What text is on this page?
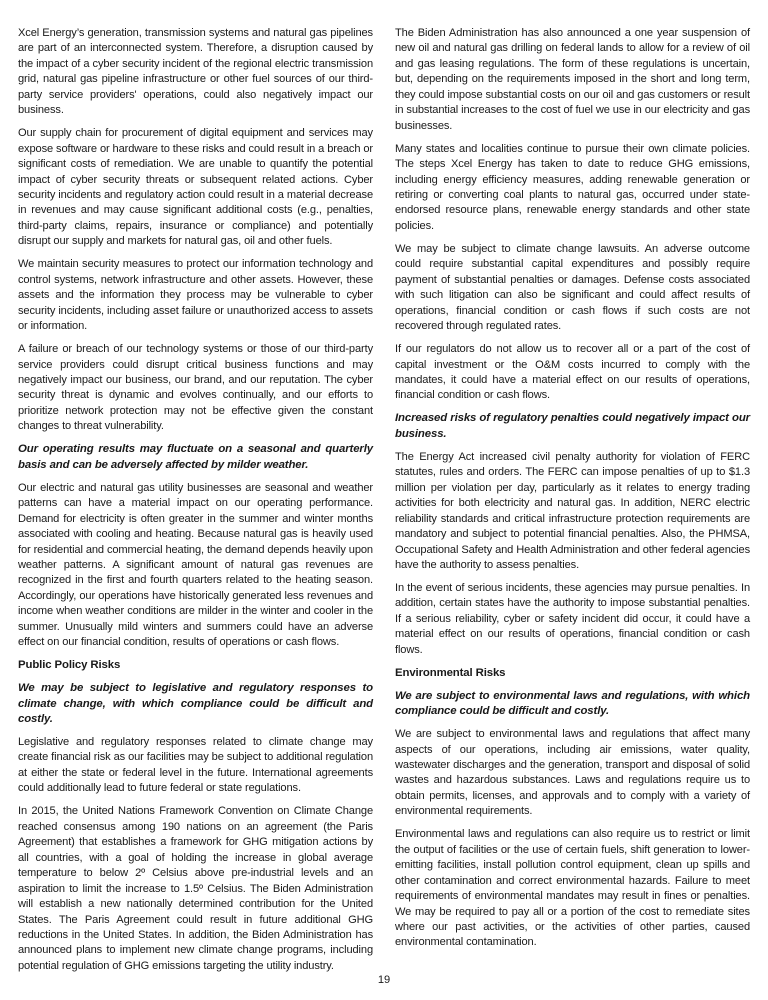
Xcel Energy’s generation, transmission systems and natural gas pipelines are part of an interconnected system. Therefore, a disruption caused by the impact of a cyber security incident of the regional electric transmission grid, natural gas pipeline infrastructure or other fuel sources of our third-party service providers' operations, could also negatively impact our business.

Our supply chain for procurement of digital equipment and services may expose software or hardware to these risks and could result in a breach or significant costs of remediation. We are unable to quantify the potential impact of cyber security threats or subsequent related actions. Cyber security incidents and regulatory action could result in a material decrease in revenues and may cause significant additional costs (e.g., penalties, third-party claims, repairs, insurance or compliance) and potentially disrupt our supply and markets for natural gas, oil and other fuels.

We maintain security measures to protect our information technology and control systems, network infrastructure and other assets. However, these assets and the information they process may be vulnerable to cyber security incidents, including asset failure or unauthorized access to assets or information.

A failure or breach of our technology systems or those of our third-party service providers could disrupt critical business functions and may negatively impact our business, our brand, and our reputation. The cyber security threat is dynamic and evolves continually, and our efforts to prioritize network protection may not be effective given the constant changes to threat vulnerability.

Our operating results may fluctuate on a seasonal and quarterly basis and can be adversely affected by milder weather.

Our electric and natural gas utility businesses are seasonal and weather patterns can have a material impact on our operating performance. Demand for electricity is often greater in the summer and winter months associated with cooling and heating. Because natural gas is heavily used for residential and commercial heating, the demand depends heavily upon weather patterns. A significant amount of natural gas revenues are recognized in the first and fourth quarters related to the heating season. Accordingly, our operations have historically generated less revenues and income when weather conditions are milder in the winter and cooler in the summer. Unusually mild winters and summers could have an adverse effect on our financial condition, results of operations or cash flows.

Public Policy Risks

We may be subject to legislative and regulatory responses to climate change, with which compliance could be difficult and costly.

Legislative and regulatory responses related to climate change may create financial risk as our facilities may be subject to additional regulation at either the state or federal level in the future. International agreements could additionally lead to future federal or state regulations.

In 2015, the United Nations Framework Convention on Climate Change reached consensus among 190 nations on an agreement (the Paris Agreement) that establishes a framework for GHG mitigation actions by all countries, with a goal of holding the increase in global average temperature to below 2º Celsius above pre-industrial levels and an aspiration to limit the increase to 1.5º Celsius. The Biden Administration will establish a new nationally determined contribution for the United States. The Paris Agreement could result in future additional GHG reductions in the United States. In addition, the Biden Administration has announced plans to implement new climate change programs, including potential regulation of GHG emissions targeting the utility industry.

The Biden Administration has also announced a one year suspension of new oil and natural gas drilling on federal lands to allow for a review of oil and gas leasing regulations. The form of these regulations is uncertain, but, depending on the requirements imposed in the short and long term, they could impose substantial costs on our oil and gas customers or result in substantial increases to the cost of fuel we use in our electricity and gas businesses.

Many states and localities continue to pursue their own climate policies. The steps Xcel Energy has taken to date to reduce GHG emissions, including energy efficiency measures, adding renewable generation or retiring or converting coal plants to natural gas, occurred under state-endorsed resource plans, renewable energy standards and other state policies.

We may be subject to climate change lawsuits. An adverse outcome could require substantial capital expenditures and possibly require payment of substantial penalties or damages. Defense costs associated with such litigation can also be significant and could affect results of operations, financial condition or cash flows if such costs are not recovered through regulated rates.

If our regulators do not allow us to recover all or a part of the cost of capital investment or the O&M costs incurred to comply with the mandates, it could have a material effect on our results of operations, financial condition or cash flows.

Increased risks of regulatory penalties could negatively impact our business.

The Energy Act increased civil penalty authority for violation of FERC statutes, rules and orders. The FERC can impose penalties of up to $1.3 million per violation per day, particularly as it relates to energy trading activities for both electricity and natural gas. In addition, NERC electric reliability standards and critical infrastructure protection requirements are mandatory and subject to potential financial penalties. Also, the PHMSA, Occupational Safety and Health Administration and other federal agencies have the authority to assess penalties.

In the event of serious incidents, these agencies may pursue penalties. In addition, certain states have the authority to impose substantial penalties. If a serious reliability, cyber or safety incident did occur, it could have a material effect on our results of operations, financial condition or cash flows.

Environmental Risks

We are subject to environmental laws and regulations, with which compliance could be difficult and costly.

We are subject to environmental laws and regulations that affect many aspects of our operations, including air emissions, water quality, wastewater discharges and the generation, transport and disposal of solid wastes and hazardous substances. Laws and regulations require us to obtain permits, licenses, and approvals and to comply with a variety of environmental requirements.

Environmental laws and regulations can also require us to restrict or limit the output of facilities or the use of certain fuels, shift generation to lower-emitting facilities, install pollution control equipment, clean up spills and other contamination and correct environmental hazards. Failure to meet requirements of environmental mandates may result in fines or penalties. We may be required to pay all or a portion of the cost to remediate sites where our past activities, or the activities of other parties, caused environmental contamination.

19
